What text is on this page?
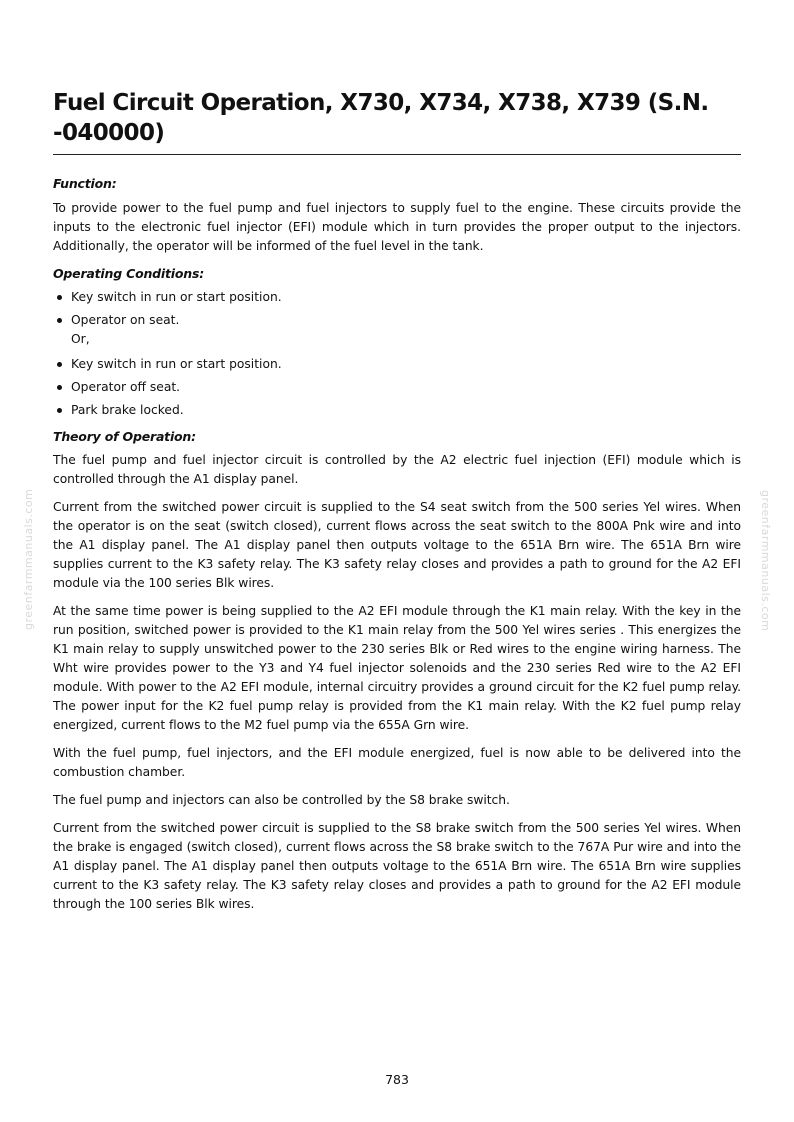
greenfarmmanuals.com	greenfarmmanuals.com
Fuel Circuit Operation, X730, X734, X738, X739 (S.N. -040000)
Function:

To provide power to the fuel pump and fuel injectors to supply fuel to the engine. These circuits provide the inputs to the electronic fuel injector (EFI) module which in turn provides the proper output to the injectors. Additionally, the operator will be informed of the fuel level in the tank.

Operating Conditions:
Key switch in run or start position.
Operator on seat.
Or,
Key switch in run or start position.
Operator off seat.
Park brake locked.
Theory of Operation:

The fuel pump and fuel injector circuit is controlled by the A2 electric fuel injection (EFI) module which is controlled through the A1 display panel.

Current from the switched power circuit is supplied to the S4 seat switch from the 500 series Yel wires. When the operator is on the seat (switch closed), current flows across the seat switch to the 800A Pnk wire and into the A1 display panel. The A1 display panel then outputs voltage to the 651A Brn wire. The 651A Brn wire supplies current to the K3 safety relay. The K3 safety relay closes and provides a path to ground for the A2 EFI module via the 100 series Blk wires.

At the same time power is being supplied to the A2 EFI module through the K1 main relay. With the key in the run position, switched power is provided to the K1 main relay from the 500 Yel wires series . This energizes the K1 main relay to supply unswitched power to the 230 series Blk or Red wires to the engine wiring harness. The Wht wire provides power to the Y3 and Y4 fuel injector solenoids and the 230 series Red wire to the A2 EFI module. With power to the A2 EFI module, internal circuitry provides a ground circuit for the K2 fuel pump relay. The power input for the K2 fuel pump relay is provided from the K1 main relay. With the K2 fuel pump relay energized, current flows to the M2 fuel pump via the 655A Grn wire.

With the fuel pump, fuel injectors, and the EFI module energized, fuel is now able to be delivered into the combustion chamber.

The fuel pump and injectors can also be controlled by the S8 brake switch.

Current from the switched power circuit is supplied to the S8 brake switch from the 500 series Yel wires. When the brake is engaged (switch closed), current flows across the S8 brake switch to the 767A Pur wire and into the A1 display panel. The A1 display panel then outputs voltage to the 651A Brn wire. The 651A Brn wire supplies current to the K3 safety relay. The K3 safety relay closes and provides a path to ground for the A2 EFI module through the 100 series Blk wires.

783
